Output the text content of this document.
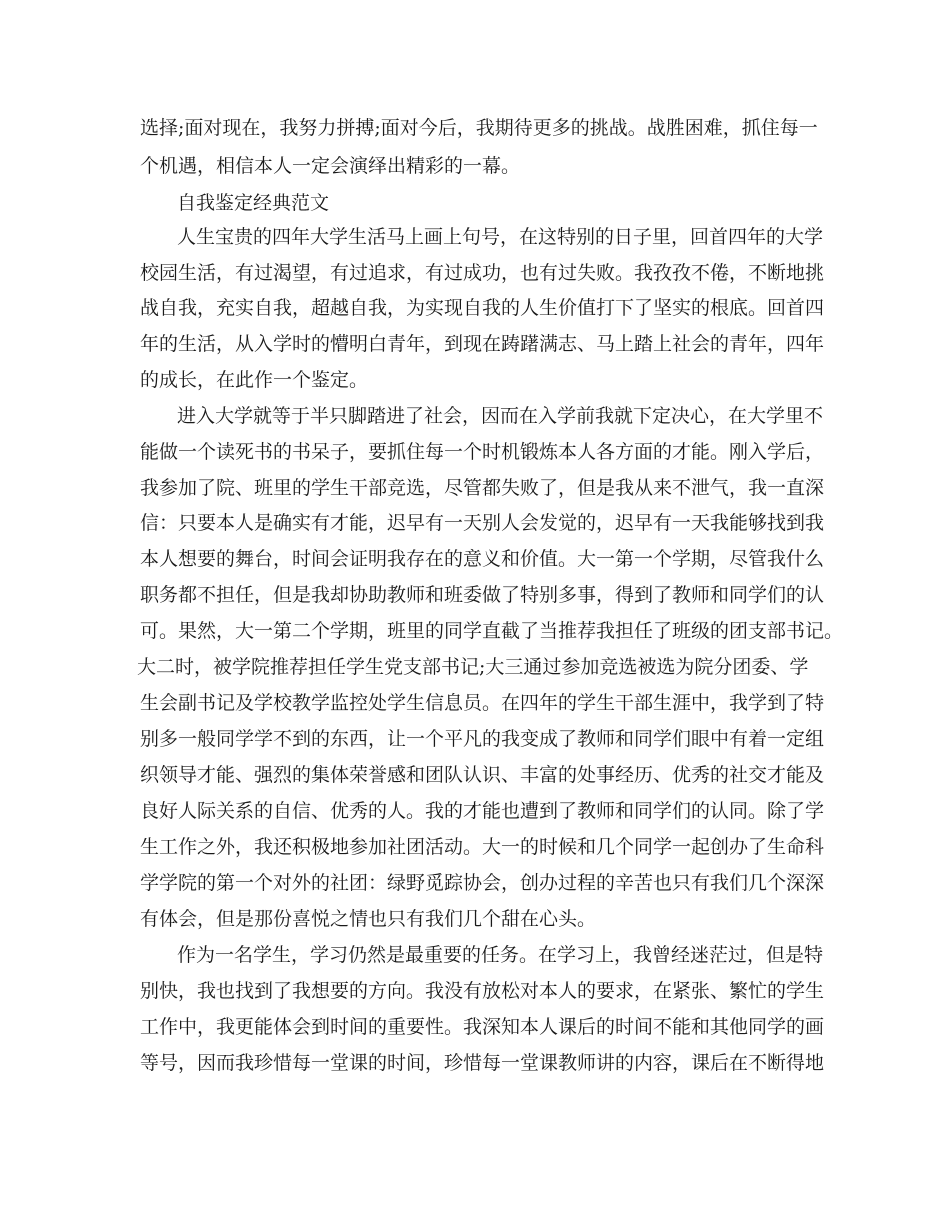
选择;面对现在，我努力拼搏;面对今后，我期待更多的挑战。战胜困难，抓住每一
个机遇，相信本人一定会演绎出精彩的一幕。
自我鉴定经典范文
人生宝贵的四年大学生活马上画上句号，在这特别的日子里，回首四年的大学
校园生活，有过渴望，有过追求，有过成功，也有过失败。我孜孜不倦，不断地挑
战自我，充实自我，超越自我，为实现自我的人生价值打下了坚实的根底。回首四
年的生活，从入学时的懵明白青年，到现在踌躇满志、马上踏上社会的青年，四年
的成长，在此作一个鉴定。
进入大学就等于半只脚踏进了社会，因而在入学前我就下定决心，在大学里不
能做一个读死书的书呆子，要抓住每一个时机锻炼本人各方面的才能。刚入学后，
我参加了院、班里的学生干部竞选，尽管都失败了，但是我从来不泄气，我一直深
信：只要本人是确实有才能，迟早有一天别人会发觉的，迟早有一天我能够找到我
本人想要的舞台，时间会证明我存在的意义和价值。大一第一个学期，尽管我什么
职务都不担任，但是我却协助教师和班委做了特别多事，得到了教师和同学们的认
可。果然，大一第二个学期，班里的同学直截了当推荐我担任了班级的团支部书记。
大二时，被学院推荐担任学生党支部书记;大三通过参加竞选被选为院分团委、学
生会副书记及学校教学监控处学生信息员。在四年的学生干部生涯中，我学到了特
别多一般同学学不到的东西，让一个平凡的我变成了教师和同学们眼中有着一定组
织领导才能、强烈的集体荣誉感和团队认识、丰富的处事经历、优秀的社交才能及
良好人际关系的自信、优秀的人。我的才能也遭到了教师和同学们的认同。除了学
生工作之外，我还积极地参加社团活动。大一的时候和几个同学一起创办了生命科
学学院的第一个对外的社团：绿野觅踪协会，创办过程的辛苦也只有我们几个深深
有体会，但是那份喜悦之情也只有我们几个甜在心头。
作为一名学生，学习仍然是最重要的任务。在学习上，我曾经迷茫过，但是特
别快，我也找到了我想要的方向。我没有放松对本人的要求，在紧张、繁忙的学生
工作中，我更能体会到时间的重要性。我深知本人课后的时间不能和其他同学的画
等号，因而我珍惜每一堂课的时间，珍惜每一堂课教师讲的内容，课后在不断得地
